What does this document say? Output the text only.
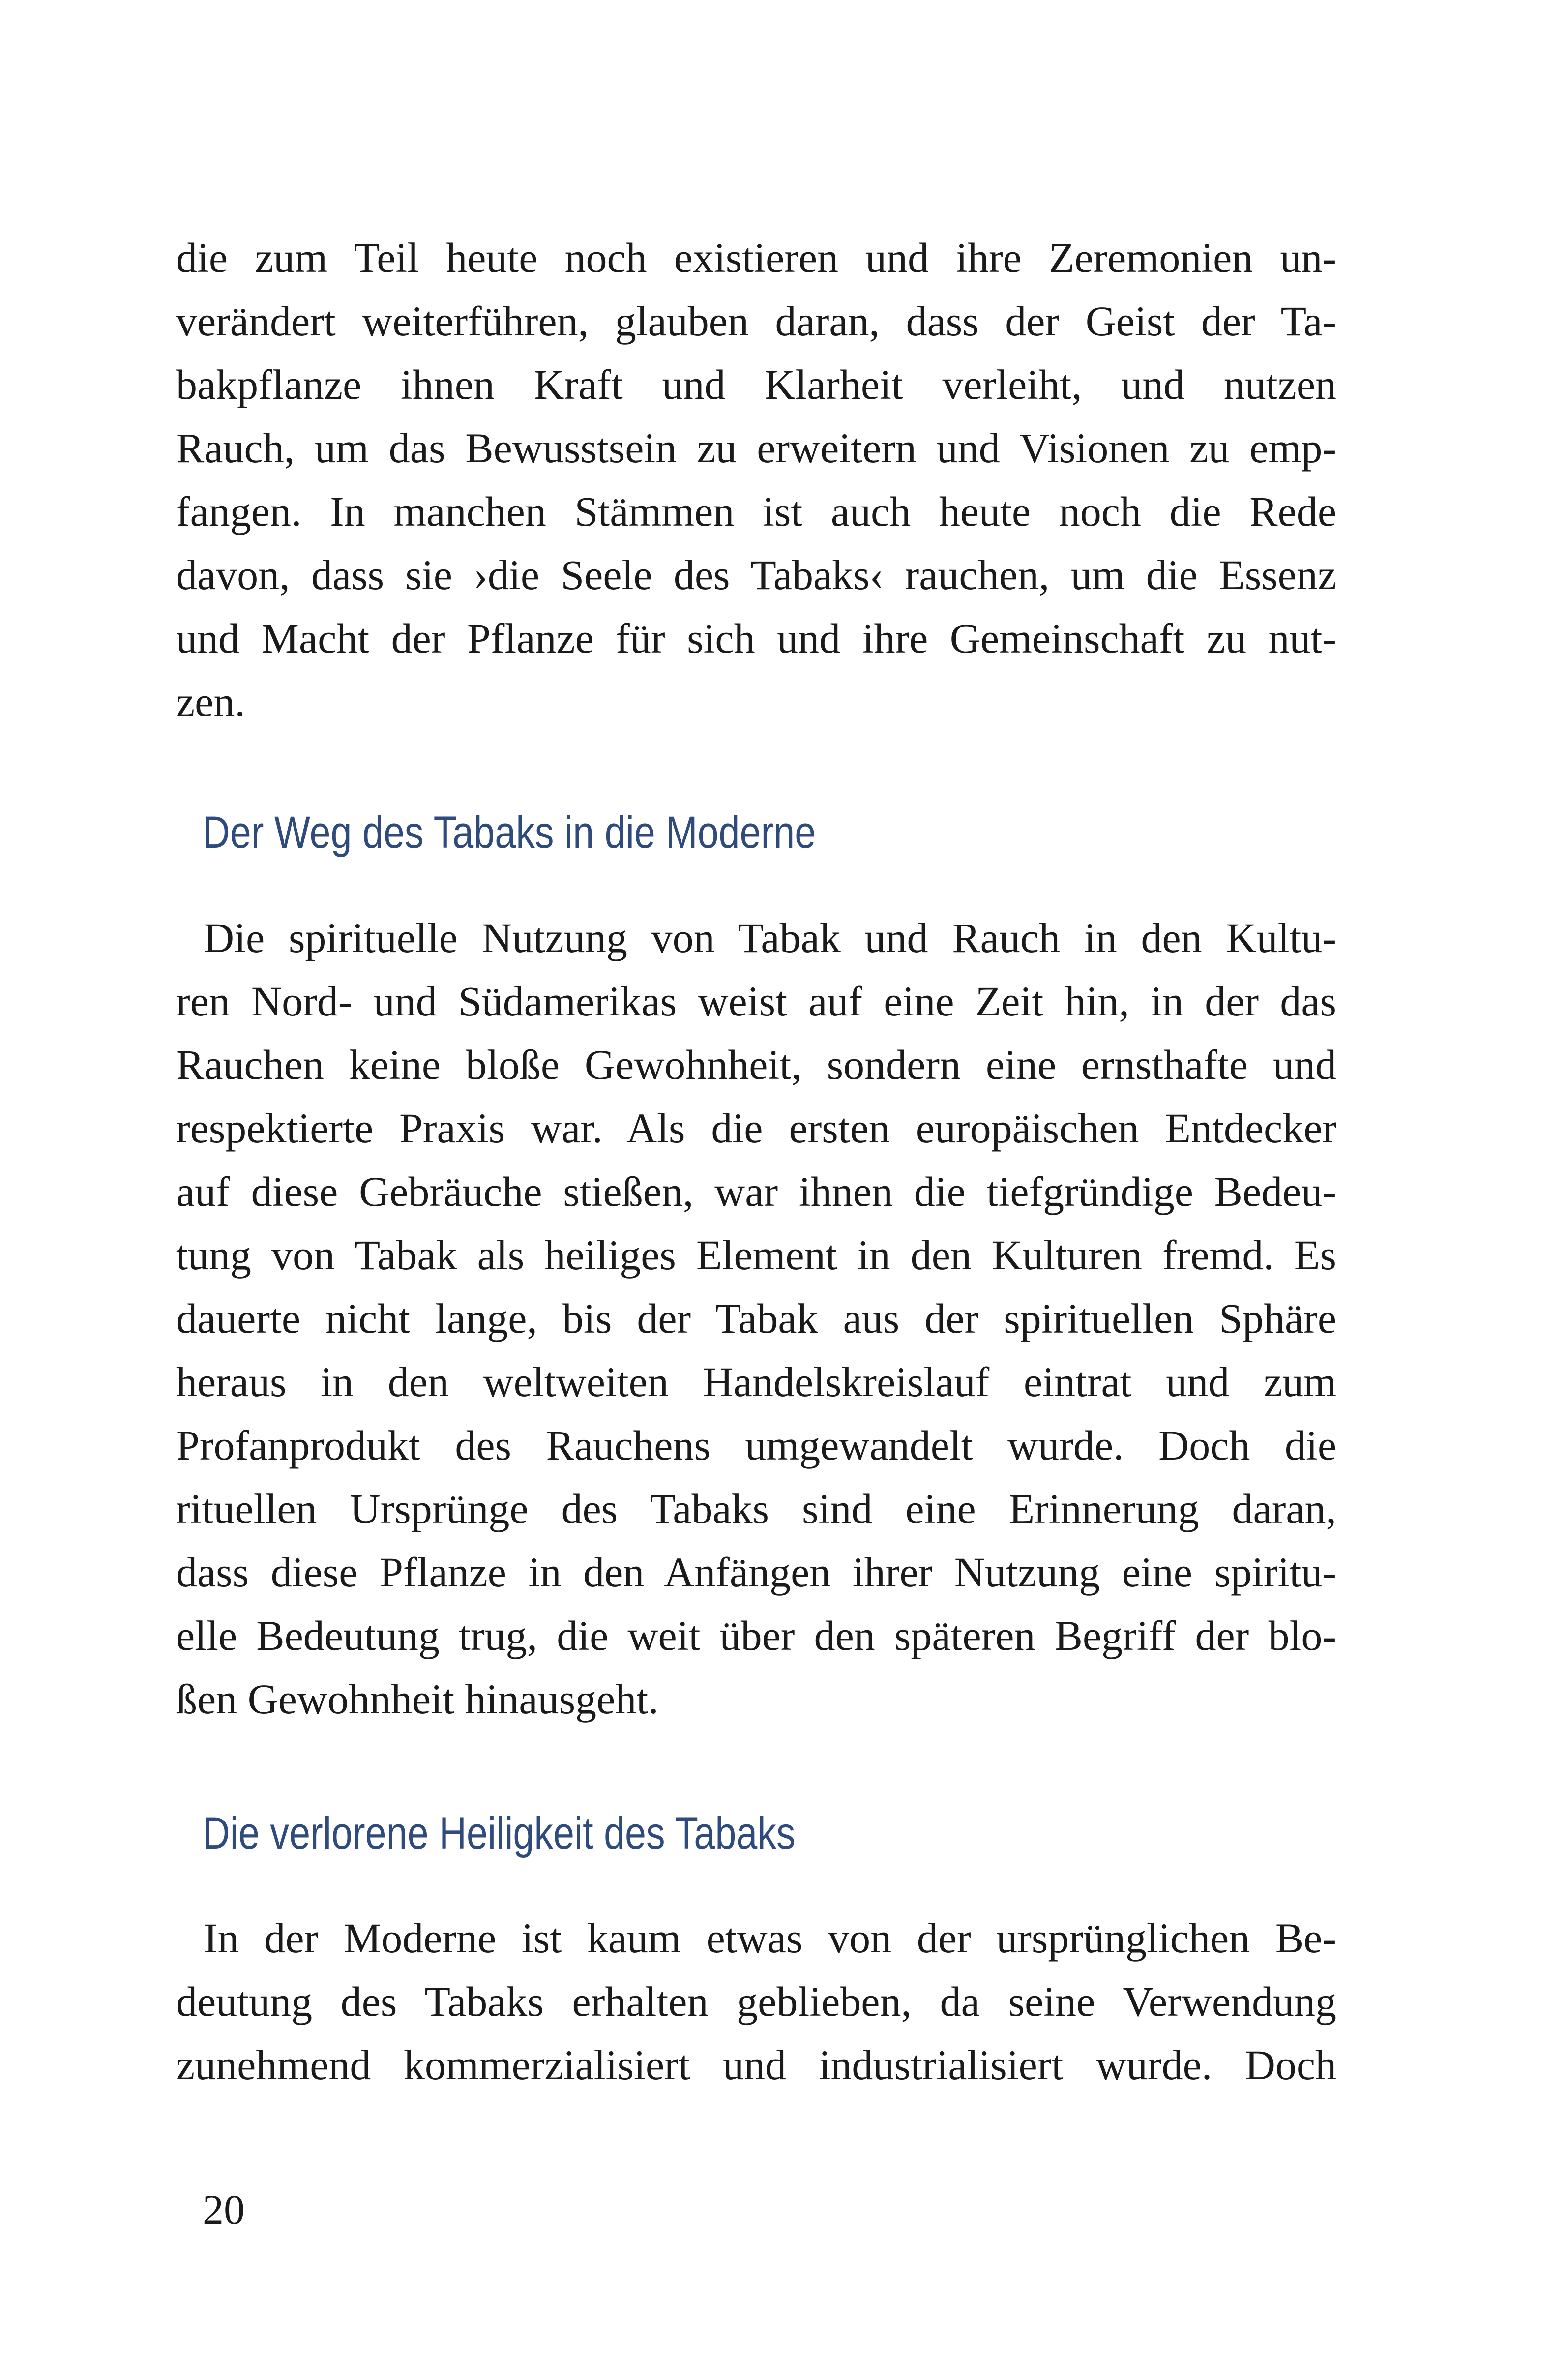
die zum Teil heute noch existieren und ihre Zeremonien un-
verändert weiterführen, glauben daran, dass der Geist der Ta-
bakpflanze ihnen Kraft und Klarheit verleiht, und nutzen
Rauch, um das Bewusstsein zu erweitern und Visionen zu emp-
fangen. In manchen Stämmen ist auch heute noch die Rede
davon, dass sie ›die Seele des Tabaks‹ rauchen, um die Essenz
und Macht der Pflanze für sich und ihre Gemeinschaft zu nut-
zen.
Der Weg des Tabaks in die Moderne
Die spirituelle Nutzung von Tabak und Rauch in den Kultu-
ren Nord- und Südamerikas weist auf eine Zeit hin, in der das
Rauchen keine bloße Gewohnheit, sondern eine ernsthafte und
respektierte Praxis war. Als die ersten europäischen Entdecker
auf diese Gebräuche stießen, war ihnen die tiefgründige Bedeu-
tung von Tabak als heiliges Element in den Kulturen fremd. Es
dauerte nicht lange, bis der Tabak aus der spirituellen Sphäre
heraus in den weltweiten Handelskreislauf eintrat und zum
Profanprodukt des Rauchens umgewandelt wurde. Doch die
rituellen Ursprünge des Tabaks sind eine Erinnerung daran,
dass diese Pflanze in den Anfängen ihrer Nutzung eine spiritu-
elle Bedeutung trug, die weit über den späteren Begriff der blo-
ßen Gewohnheit hinausgeht.
Die verlorene Heiligkeit des Tabaks
In der Moderne ist kaum etwas von der ursprünglichen Be-
deutung des Tabaks erhalten geblieben, da seine Verwendung
zunehmend kommerzialisiert und industrialisiert wurde. Doch
20
